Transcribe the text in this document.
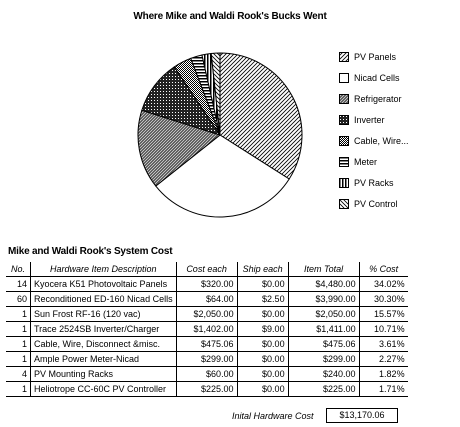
Where Mike and Waldi Rook's Bucks Went
PV Panels
Nicad Cells
Refrigerator
Inverter
Cable, Wire...
Meter
PV Racks
PV Control
Mike and Waldi Rook's System Cost
No.	Hardware Item Description	Cost each	Ship each	Item Total	% Cost
14	Kyocera K51 Photovoltaic Panels	$320.00	$0.00	$4,480.00	34.02%
60	Reconditioned ED-160 Nicad Cells	$64.00	$2.50	$3,990.00	30.30%
1	Sun Frost RF-16 (120 vac)	$2,050.00	$0.00	$2,050.00	15.57%
1	Trace 2524SB Inverter/Charger	$1,402.00	$9.00	$1,411.00	10.71%
1	Cable, Wire, Disconnect &misc.	$475.06	$0.00	$475.06	3.61%
1	Ample Power Meter-Nicad	$299.00	$0.00	$299.00	2.27%
4	PV Mounting Racks	$60.00	$0.00	$240.00	1.82%
1	Heliotrope CC-60C PV Controller	$225.00	$0.00	$225.00	1.71%
Inital Hardware Cost	$13,170.06
